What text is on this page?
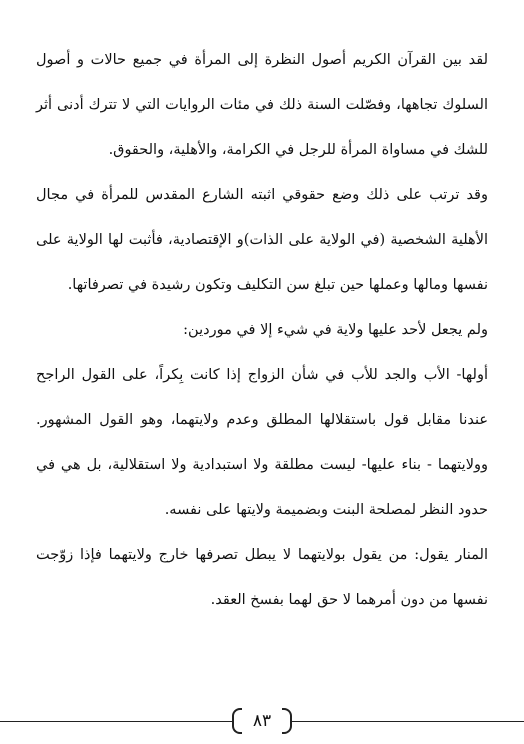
لقد بين القرآن الكريم أصول النظرة إلى المرأة في جميع حالات و أصول السلوك تجاهها، وفصّلت السنة ذلك في مئات الروايات التي لا تترك أدنى أثر للشك في مساواة المرأة للرجل في الكرامة، والأهلية، والحقوق.

وقد ترتب على ذلك وضع حقوقي اثبته الشارع المقدس للمرأة في مجال الأهلية الشخصية (في الولاية على الذات)و الإقتصادية، فأثبت لها الولاية على نفسها ومالها وعملها حين تبلغ سن التكليف وتكون رشيدة في تصرفاتها.

ولم يجعل لأحد عليها ولاية في شيء إلا في موردين:

أولها- الأب والجد للأب في شأن الزواج إذا كانت بِكراً، على القول الراجح عندنا مقابل قول باستقلالها المطلق وعدم ولايتهما، وهو القول المشهور. وولايتهما - بناء عليها- ليست مطلقة ولا استبدادية ولا استقلالية، بل هي في حدود النظر لمصلحة البنت وبضميمة ولايتها على نفسه.

المنار يقول: من يقول بولايتهما لا يبطل تصرفها خارج ولايتهما فإذا زوّجت نفسها من دون أمرهما لا حق لهما بفسخ العقد.

٨٣
